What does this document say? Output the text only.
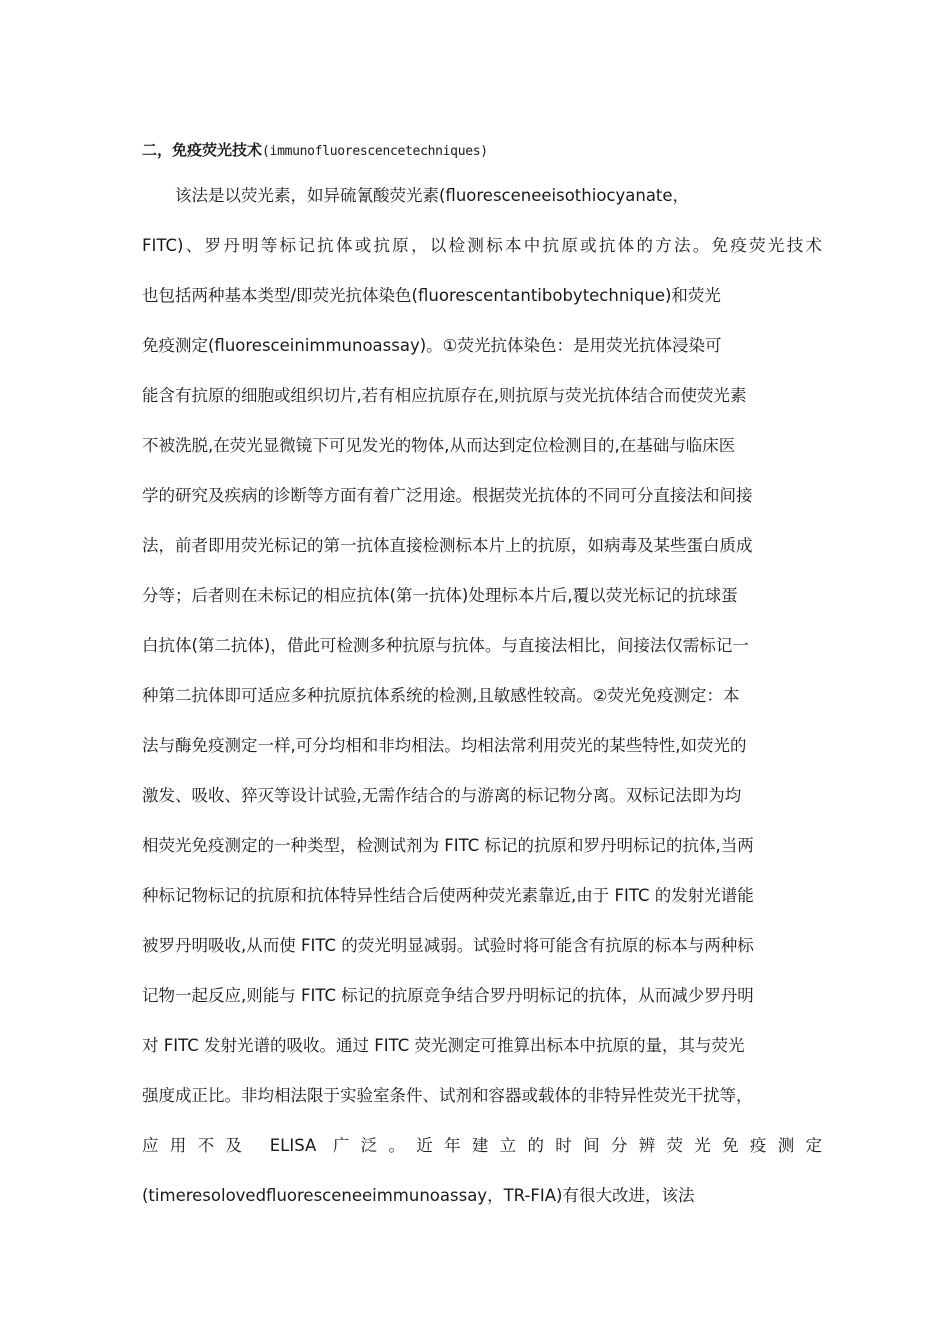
二，免疫荧光技术(immunofluorescencetechniques)
　　该法是以荧光素，如异硫氰酸荧光素(fluoresceneeisothiocyanate，
FITC)、罗丹明等标记抗体或抗原，以检测标本中抗原或抗体的方法。免疫荧光技术
也包括两种基本类型/即荧光抗体染色(fluorescentantibobytechnique)和荧光
免疫测定(fluoresceinimmunoassay)。①荧光抗体染色：是用荧光抗体浸染可
能含有抗原的细胞或组织切片,若有相应抗原存在,则抗原与荧光抗体结合而使荧光素
不被洗脱,在荧光显微镜下可见发光的物体,从而达到定位检测目的,在基础与临床医
学的研究及疾病的诊断等方面有着广泛用途。根据荧光抗体的不同可分直接法和间接
法，前者即用荧光标记的第一抗体直接检测标本片上的抗原，如病毒及某些蛋白质成
分等；后者则在未标记的相应抗体(第一抗体)处理标本片后,覆以荧光标记的抗球蛋
白抗体(第二抗体)，借此可检测多种抗原与抗体。与直接法相比，间接法仅需标记一
种第二抗体即可适应多种抗原抗体系统的检测,且敏感性较高。②荧光免疫测定：本
法与酶免疫测定一样,可分均相和非均相法。均相法常利用荧光的某些特性,如荧光的
激发、吸收、猝灭等设计试验,无需作结合的与游离的标记物分离。双标记法即为均
相荧光免疫测定的一种类型，检测试剂为 FITC 标记的抗原和罗丹明标记的抗体,当两
种标记物标记的抗原和抗体特异性结合后使两种荧光素靠近,由于 FITC 的发射光谱能
被罗丹明吸收,从而使 FITC 的荧光明显减弱。试验时将可能含有抗原的标本与两种标
记物一起反应,则能与 FITC 标记的抗原竞争结合罗丹明标记的抗体，从而减少罗丹明
对 FITC 发射光谱的吸收。通过 FITC 荧光测定可推算出标本中抗原的量，其与荧光
强度成正比。非均相法限于实验室条件、试剂和容器或载体的非特异性荧光干扰等，
应用不及 ELISA 广泛。近年建立的时间分辨荧光免疫测定
(timeresolovedfluoresceneeimmunoassay，TR-FIA)有很大改进，该法
